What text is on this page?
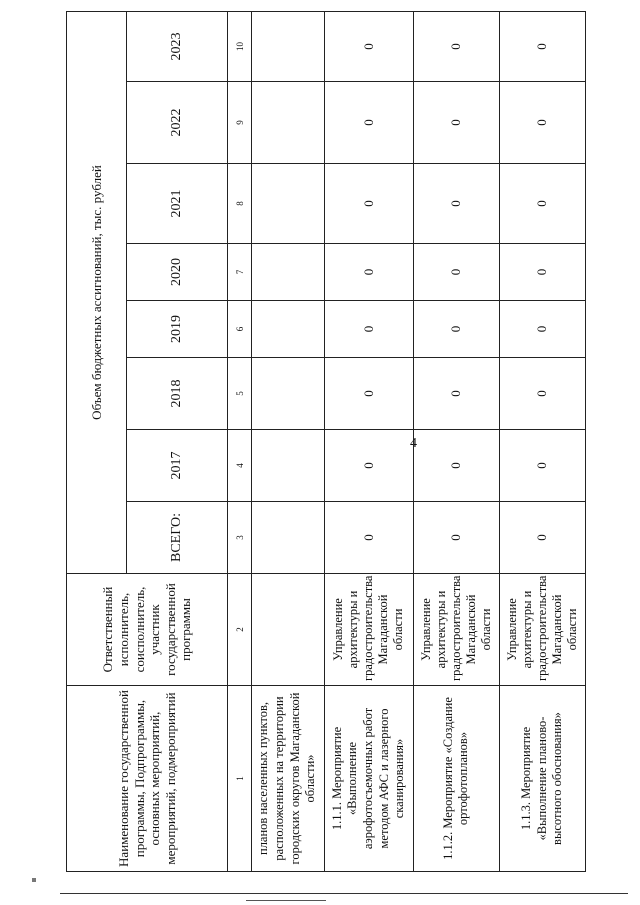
4
Наименование государственной программы, Подпрограммы, основных мероприятий, мероприятий, подмероприятий	Ответственный исполнитель, соисполнитель, участник государственной программы	Объем бюджетных ассигнований, тыс. рублей							
		ВСЕГО:	2017	2018	2019	2020	2021	2022	2023
1	2	3	4	5	6	7	8	9	10
планов населенных пунктов, расположенных на территории городских округов Магаданской области»									
1.1.1. Мероприятие «Выполнение аэрофотосъемочных работ методом АФС и лазерного сканирования»	Управление архитектуры и градостроительства Магаданской области	0	0	0	0	0	0	0	0
1.1.2. Мероприятие «Создание ортофотопланов»	Управление архитектуры и градостроительства Магаданской области	0	0	0	0	0	0	0	0
1.1.3. Мероприятие «Выполнение планово-высотного обоснования»	Управление архитектуры и градостроительства Магаданской области	0	0	0	0	0	0	0	0
